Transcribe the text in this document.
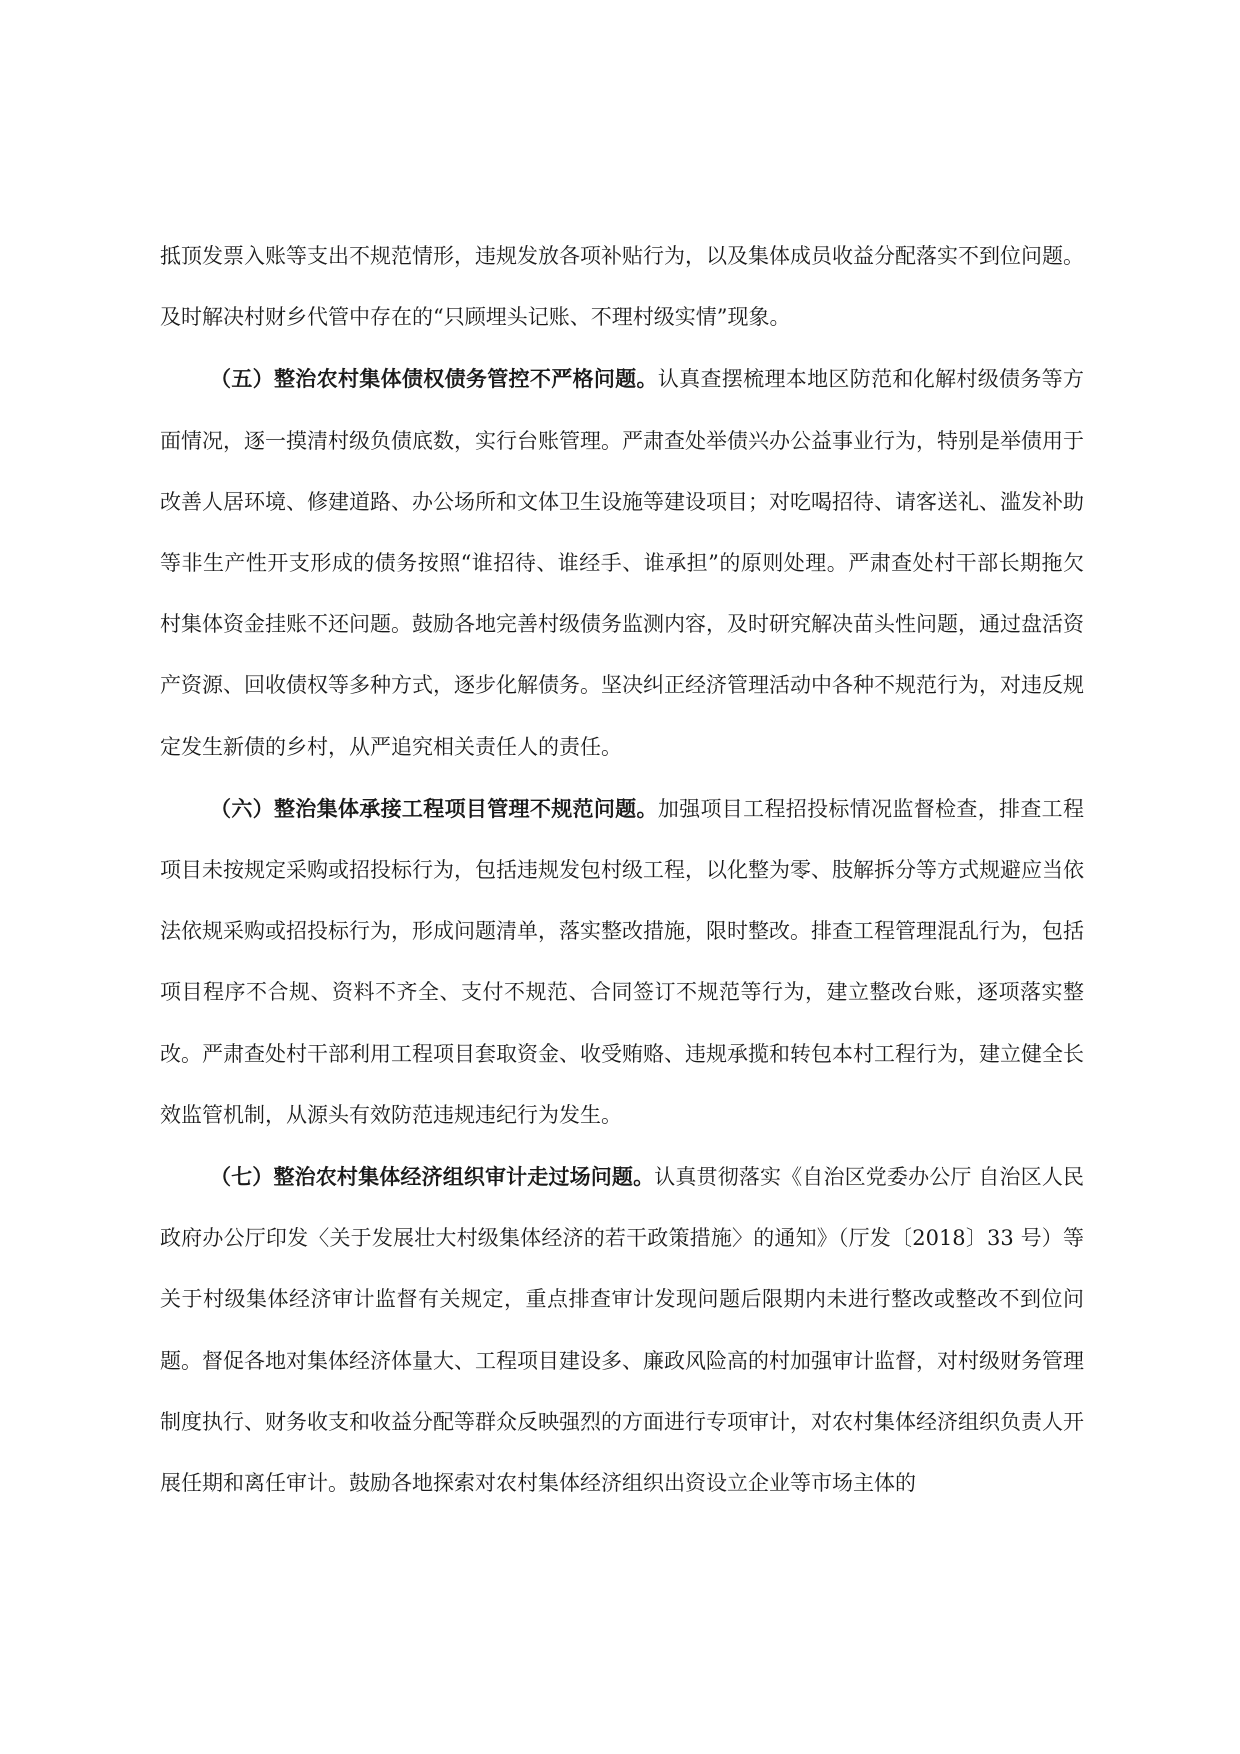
抵顶发票入账等支出不规范情形，违规发放各项补贴行为，以及集体成员收益分配落实不到位问题。及时解决村财乡代管中存在的“只顾埋头记账、不理村级实情”现象。

（五）整治农村集体债权债务管控不严格问题。认真查摆梳理本地区防范和化解村级债务等方面情况，逐一摸清村级负债底数，实行台账管理。严肃查处举债兴办公益事业行为，特别是举债用于改善人居环境、修建道路、办公场所和文体卫生设施等建设项目；对吃喝招待、请客送礼、滥发补助等非生产性开支形成的债务按照“谁招待、谁经手、谁承担”的原则处理。严肃查处村干部长期拖欠村集体资金挂账不还问题。鼓励各地完善村级债务监测内容，及时研究解决苗头性问题，通过盘活资产资源、回收债权等多种方式，逐步化解债务。坚决纠正经济管理活动中各种不规范行为，对违反规定发生新债的乡村，从严追究相关责任人的责任。

（六）整治集体承接工程项目管理不规范问题。加强项目工程招投标情况监督检查，排查工程项目未按规定采购或招投标行为，包括违规发包村级工程，以化整为零、肢解拆分等方式规避应当依法依规采购或招投标行为，形成问题清单，落实整改措施，限时整改。排查工程管理混乱行为，包括项目程序不合规、资料不齐全、支付不规范、合同签订不规范等行为，建立整改台账，逐项落实整改。严肃查处村干部利用工程项目套取资金、收受贿赂、违规承揽和转包本村工程行为，建立健全长效监管机制，从源头有效防范违规违纪行为发生。

（七）整治农村集体经济组织审计走过场问题。认真贯彻落实《自治区党委办公厅 自治区人民政府办公厅印发〈关于发展壮大村级集体经济的若干政策措施〉的通知》（厅发〔2018〕33 号）等关于村级集体经济审计监督有关规定，重点排查审计发现问题后限期内未进行整改或整改不到位问题。督促各地对集体经济体量大、工程项目建设多、廉政风险高的村加强审计监督，对村级财务管理制度执行、财务收支和收益分配等群众反映强烈的方面进行专项审计，对农村集体经济组织负责人开展任期和离任审计。鼓励各地探索对农村集体经济组织出资设立企业等市场主体的
